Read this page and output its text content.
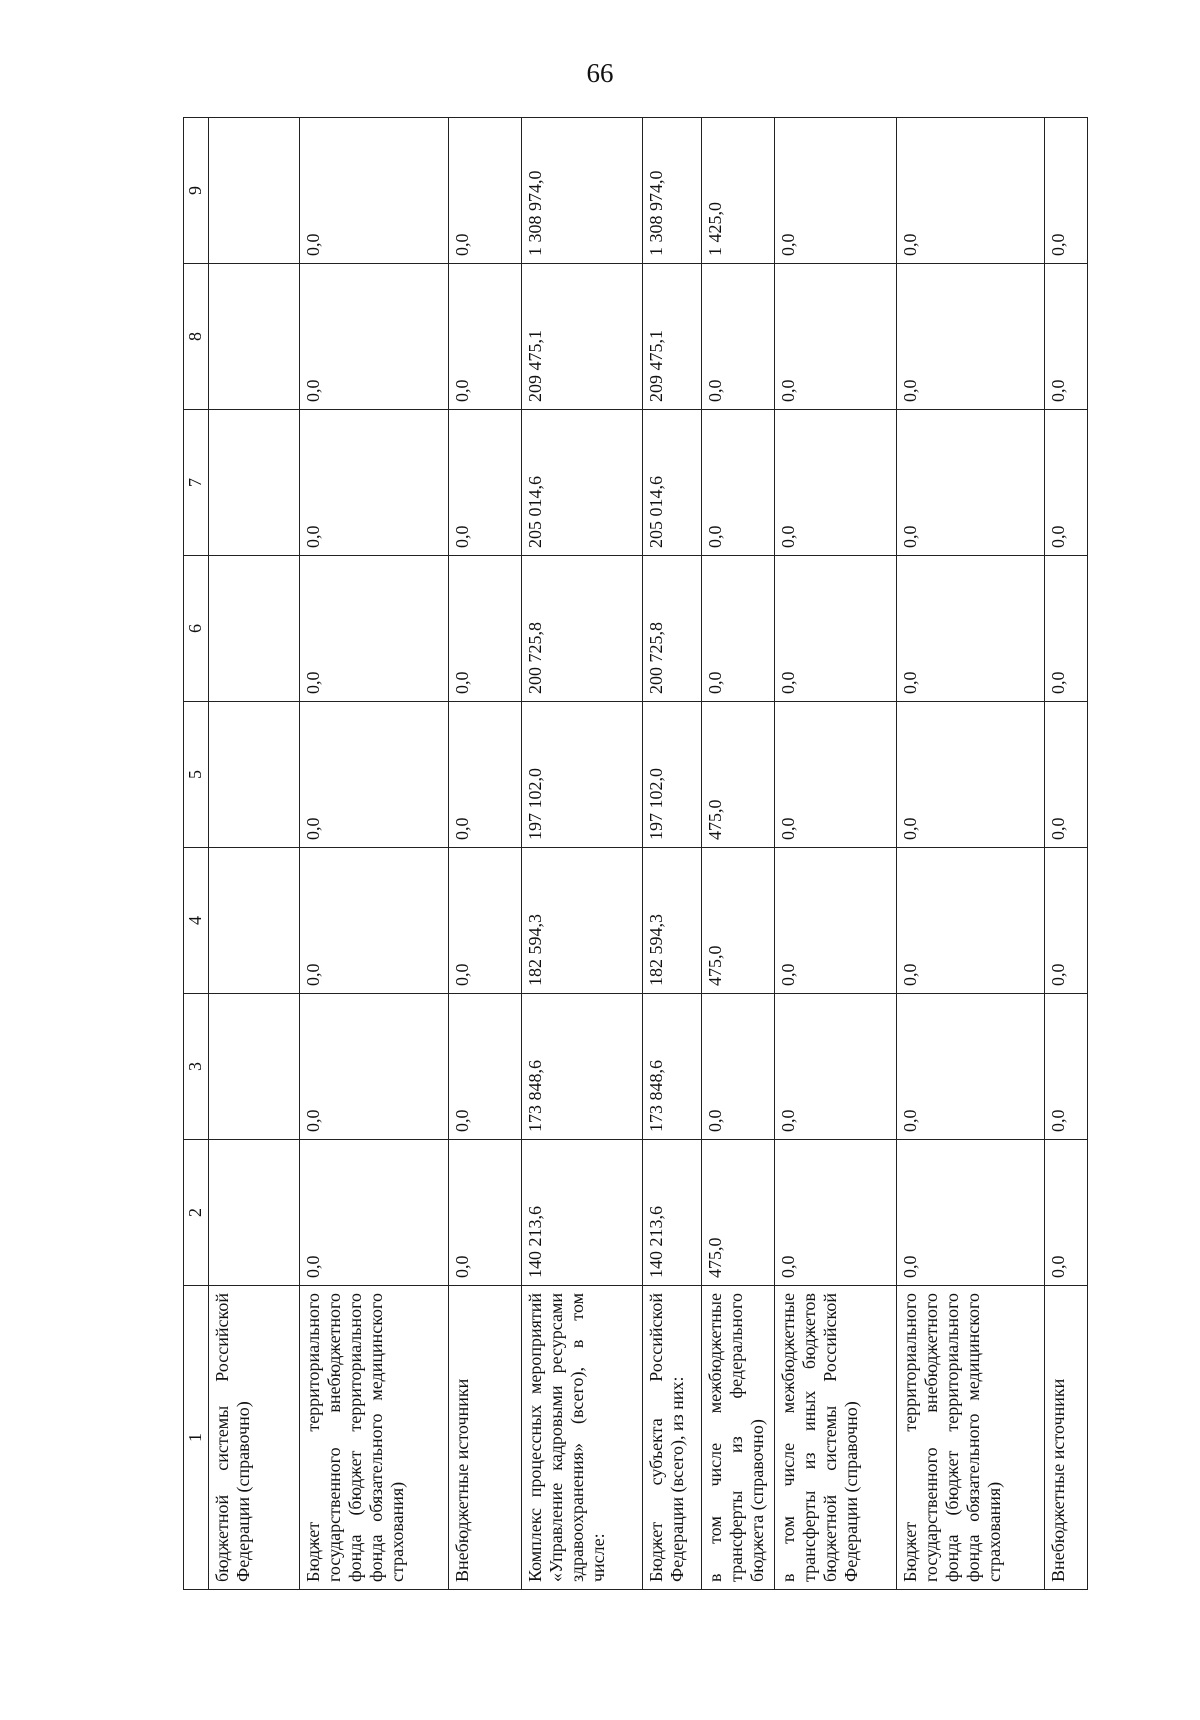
66
1	2	3	4	5	6	7	8	9
бюджетной системы Российской Федерации (справочно)								
Бюджет территориального государственного внебюджетного фонда (бюджет территориального фонда обязательного медицинского страхования)	0,0	0,0	0,0	0,0	0,0	0,0	0,0	0,0
Внебюджетные источники	0,0	0,0	0,0	0,0	0,0	0,0	0,0	0,0
Комплекс процессных мероприятий «Управление кадровыми ресурсами здравоохранения» (всего), в том числе:	140 213,6	173 848,6	182 594,3	197 102,0	200 725,8	205 014,6	209 475,1	1 308 974,0
Бюджет субъекта Российской Федерации (всего), из них:	140 213,6	173 848,6	182 594,3	197 102,0	200 725,8	205 014,6	209 475,1	1 308 974,0
в том числе межбюджетные трансферты из федерального бюджета (справочно)	475,0	0,0	475,0	475,0	0,0	0,0	0,0	1 425,0
в том числе межбюджетные трансферты из иных бюджетов бюджетной системы Российской Федерации (справочно)	0,0	0,0	0,0	0,0	0,0	0,0	0,0	0,0
Бюджет территориального государственного внебюджетного фонда (бюджет территориального фонда обязательного медицинского страхования)	0,0	0,0	0,0	0,0	0,0	0,0	0,0	0,0
Внебюджетные источники	0,0	0,0	0,0	0,0	0,0	0,0	0,0	0,0
